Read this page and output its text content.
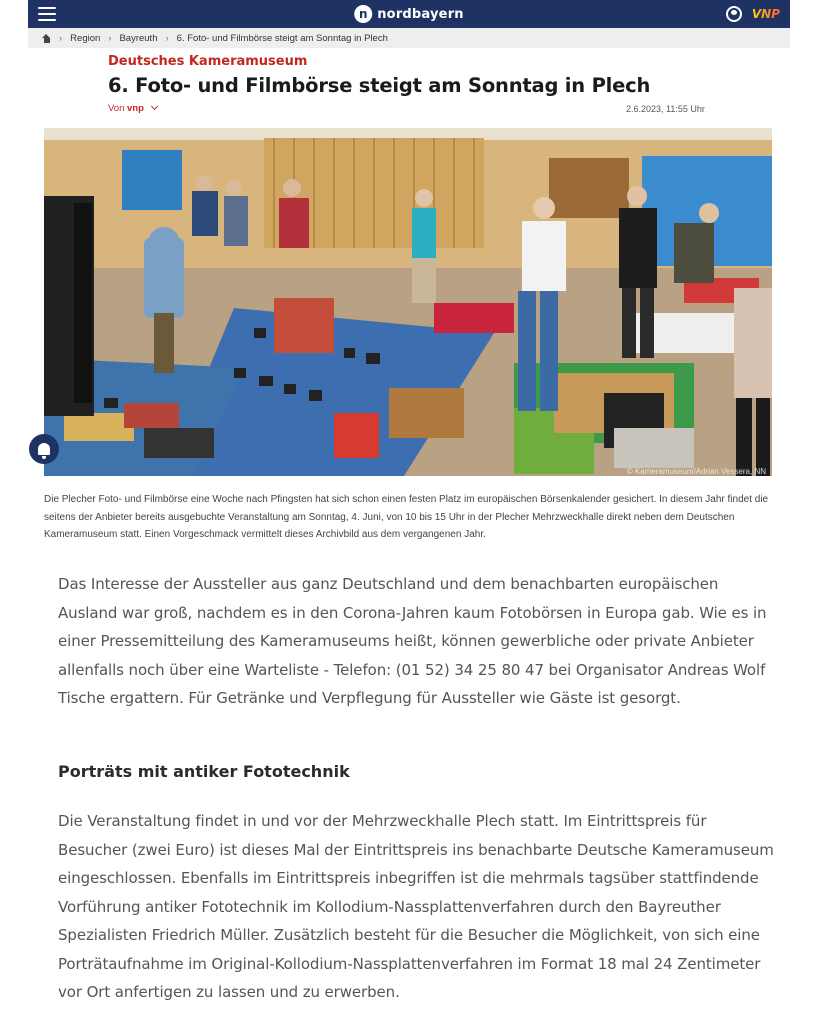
n nordbayern	VNP
› Region › Bayreuth › 6. Foto- und Filmbörse steigt am Sonntag in Plech
Deutsches Kameramuseum
6. Foto- und Filmbörse steigt am Sonntag in Plech
Von vnp	2.6.2023, 11:55 Uhr
© Kameramuseum/Adrian Vessera, NN

Die Plecher Foto- und Filmbörse eine Woche nach Pfingsten hat sich schon einen festen Platz im europäischen Börsenkalender gesichert. In diesem Jahr findet die seitens der Anbieter bereits ausgebuchte Veranstaltung am Sonntag, 4. Juni, von 10 bis 15 Uhr in der Plecher Mehrzweckhalle direkt neben dem Deutschen Kameramuseum statt. Einen Vorgeschmack vermittelt dieses Archivbild aus dem vergangenen Jahr.

Das Interesse der Aussteller aus ganz Deutschland und dem benachbarten europäischen Ausland war groß, nachdem es in den Corona-Jahren kaum Fotobörsen in Europa gab. Wie es in einer Pressemitteilung des Kameramuseums heißt, können gewerbliche oder private Anbieter allenfalls noch über eine Warteliste - Telefon: (01 52) 34 25 80 47 bei Organisator Andreas Wolf Tische ergattern. Für Getränke und Verpflegung für Aussteller wie Gäste ist gesorgt.

Porträts mit antiker Fototechnik

Die Veranstaltung findet in und vor der Mehrzweckhalle Plech statt. Im Eintrittspreis für Besucher (zwei Euro) ist dieses Mal der Eintrittspreis ins benachbarte Deutsche Kameramuseum eingeschlossen. Ebenfalls im Eintrittspreis inbegriffen ist die mehrmals tagsüber stattfindende Vorführung antiker Fototechnik im Kollodium-Nassplattenverfahren durch den Bayreuther Spezialisten Friedrich Müller. Zusätzlich besteht für die Besucher die Möglichkeit, von sich eine Porträtaufnahme im Original-Kollodium-Nassplattenverfahren im Format 18 mal 24 Zentimeter vor Ort anfertigen zu lassen und zu erwerben.
